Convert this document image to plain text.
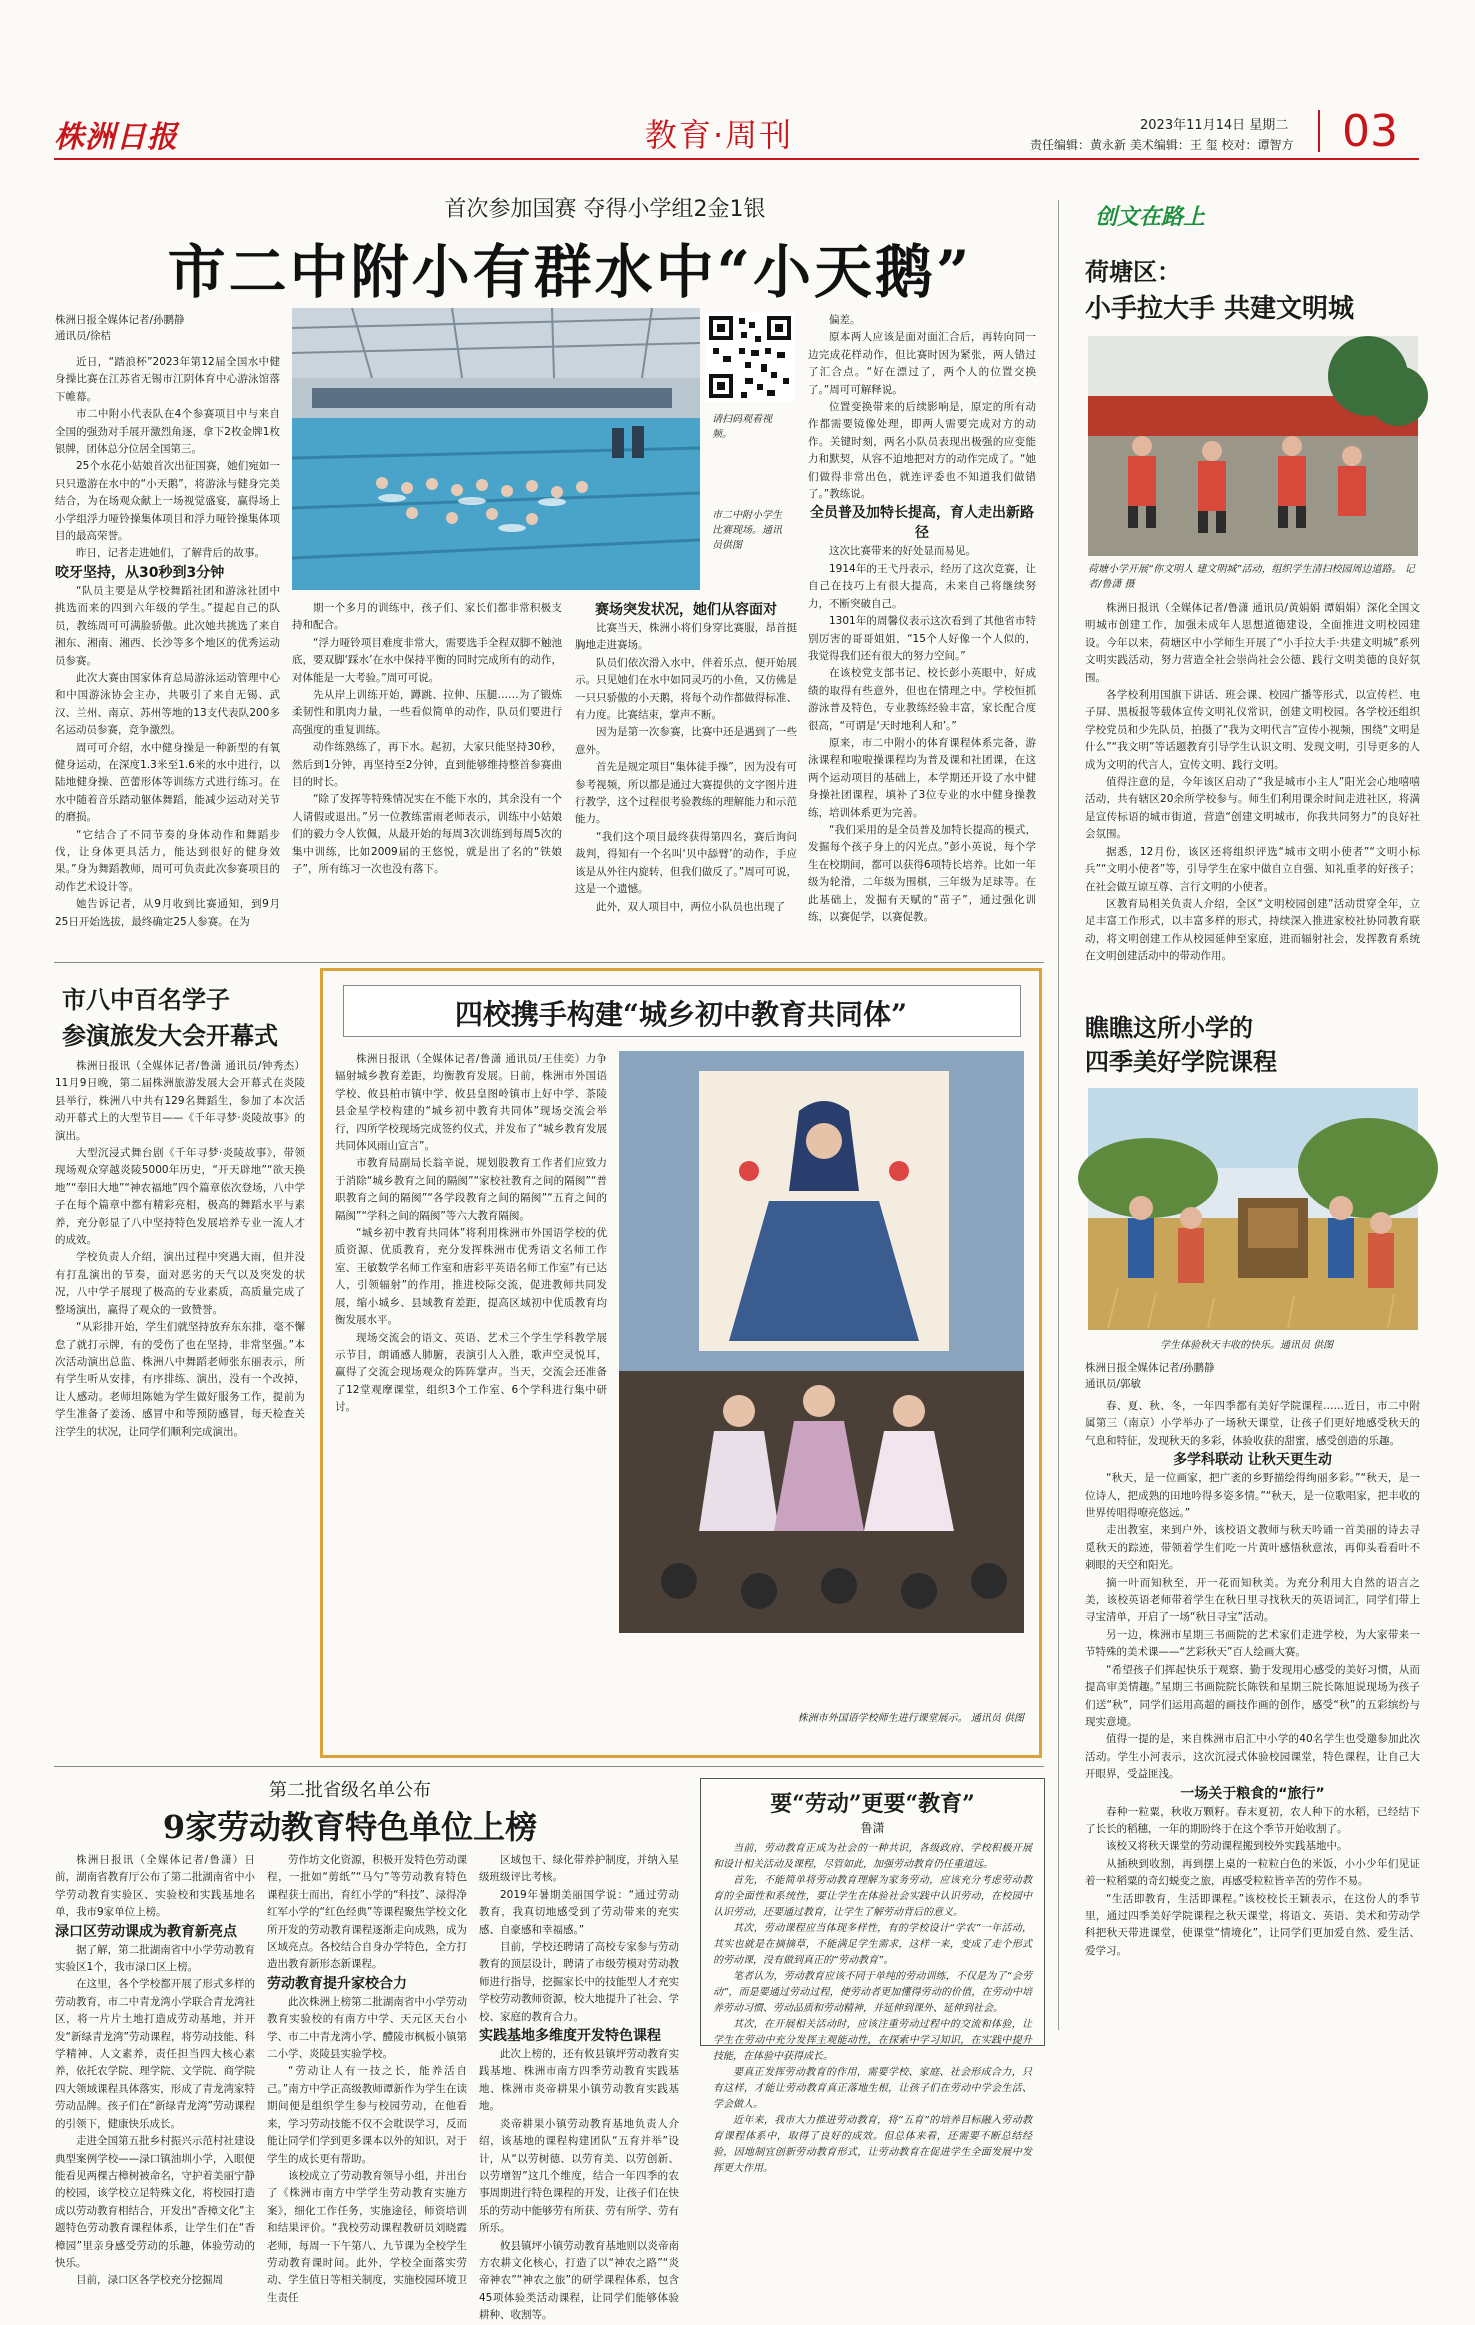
株洲日报	教育·周刊	2023年11月14日 星期二
责任编辑：黄永新 美术编辑：王 玺 校对：谭智方 03
首次参加国赛 夺得小学组2金1银
市二中附小有群水中“小天鹅”
株洲日报全媒体记者/孙鹏静
通讯员/徐桔

近日，“踏浪杯”2023年第12届全国水中健身操比赛在江苏省无锡市江阴体育中心游泳馆落下帷幕。

市二中附小代表队在4个参赛项目中与来自全国的强劲对手展开激烈角逐，拿下2枚金牌1枚银牌，团体总分位居全国第三。

25个水花小姑娘首次出征国赛，她们宛如一只只遨游在水中的“小天鹅”，将游泳与健身完美结合，为在场观众献上一场视觉盛宴，赢得场上小学组浮力哑铃操集体项目和浮力哑铃操集体项目的最高荣誉。

昨日，记者走进她们，了解背后的故事。

咬牙坚持，从30秒到3分钟

“队员主要是从学校舞蹈社团和游泳社团中挑选而来的四到六年级的学生。”提起自己的队员，教练周可可满脸骄傲。此次她共挑选了来自湘东、湘南、湘西、长沙等多个地区的优秀运动员参赛。

此次大赛由国家体育总局游泳运动管理中心和中国游泳协会主办，共吸引了来自无锡、武汉、兰州、南京、苏州等地的13支代表队200多名运动员参赛，竞争激烈。

周可可介绍，水中健身操是一种新型的有氧健身运动，在深度1.3米至1.6米的水中进行，以陆地健身操、芭蕾形体等训练方式进行练习。在水中随着音乐踏动躯体舞蹈，能减少运动对关节的磨损。

“它结合了不同节奏的身体动作和舞蹈步伐，让身体更具活力，能达到很好的健身效果。”身为舞蹈教师，周可可负责此次参赛项目的动作艺术设计等。

她告诉记者，从9月收到比赛通知，到9月25日开始选拔，最终确定25人参赛。在为

请扫码观看视频。
市二中附小学生比赛现场。通讯员供图

期一个多月的训练中，孩子们、家长们都非常积极支持和配合。

“浮力哑铃项目难度非常大，需要选手全程双脚不触池底，要双脚‘踩水’在水中保持平衡的同时完成所有的动作，对体能是一大考验。”周可可说。

先从岸上训练开始，蹲跳、拉伸、压腿……为了锻炼柔韧性和肌肉力量，一些看似简单的动作，队员们要进行高强度的重复训练。

动作练熟练了，再下水。起初，大家只能坚持30秒，然后到1分钟，再坚持至2分钟，直到能够维持整首参赛曲目的时长。

“除了发挥等特殊情况实在不能下水的，其余没有一个人请假或退出。”另一位教练雷雨老师表示，训练中小姑娘们的毅力令人钦佩，从最开始的每周3次训练到每周5次的集中训练，比如2009届的王悠悦，就是出了名的“铁娘子”，所有练习一次也没有落下。

赛场突发状况，她们从容面对

比赛当天，株洲小将们身穿比赛服，昂首挺胸地走进赛场。

队员们依次滑入水中，伴着乐点，便开始展示。只见她们在水中如同灵巧的小鱼，又仿佛是一只只骄傲的小天鹅，将每个动作都做得标准、有力度。比赛结束，掌声不断。

因为是第一次参赛，比赛中还是遇到了一些意外。

首先是规定项目“集体徒手操”，因为没有可参考视频，所以都是通过大赛提供的文字图片进行教学，这个过程很考验教练的理解能力和示范能力。

“我们这个项目最终获得第四名，赛后询问裁判，得知有一个名叫‘贝中舔臂’的动作，手应该是从外往内旋转，但我们做反了。”周可可说，这是一个遗憾。

此外，双人项目中，两位小队员也出现了

偏差。

原本两人应该是面对面汇合后，再转向同一边完成花样动作，但比赛时因为紧张，两人错过了汇合点。“好在漂过了，两个人的位置交换了。”周可可解释说。

位置变换带来的后续影响是，原定的所有动作都需要镜像处理，即两人需要完成对方的动作。关键时刻，两名小队员表现出极强的应变能力和默契，从容不迫地把对方的动作完成了。“她们做得非常出色，就连评委也不知道我们做错了。”教练说。

全员普及加特长提高，育人走出新路径

这次比赛带来的好处显而易见。

1914年的王弋丹表示，经历了这次竞赛，让自己在技巧上有很大提高，未来自己将继续努力，不断突破自己。

1301年的周馨仪表示这次看到了其他省市特别厉害的哥哥姐姐，“15个人好像一个人似的，我觉得我们还有很大的努力空间。”

在该校党支部书记、校长彭小英眼中，好成绩的取得有些意外，但也在情理之中。学校恒抓游泳普及特色，专业教练经验丰富，家长配合度很高，“可谓是‘天时地利人和’。”

原来，市二中附小的体育课程体系完备，游泳课程和啦啦操课程均为普及课和社团课，在这两个运动项目的基础上，本学期还开设了水中健身操社团课程，填补了3位专业的水中健身操教练，培训体系更为完善。

“我们采用的是全员普及加特长提高的模式，发掘每个孩子身上的闪光点。”彭小英说，每个学生在校期间，都可以获得6项特长培养。比如一年级为轮滑，二年级为围棋，三年级为足球等。在此基础上，发掘有天赋的“苗子”，通过强化训练，以赛促学，以赛促教。

创文在路上
荷塘区：
小手拉大手 共建文明城
荷塘小学开展“你文明人 建文明城”活动，组织学生清扫校园周边道路。 记者/鲁潇 摄

株洲日报讯（全媒体记者/鲁潇 通讯员/黄娟娟 谭娟娟）深化全国文明城市创建工作，加强未成年人思想道德建设，全面推进文明校园建设。今年以来，荷塘区中小学师生开展了“小手拉大手·共建文明城”系列文明实践活动，努力营造全社会崇尚社会公德、践行文明美德的良好氛围。

各学校利用国旗下讲话、班会课、校园广播等形式，以宣传栏、电子屏、黑板报等载体宣传文明礼仪常识，创建文明校园。各学校还组织学校党员和少先队员，拍摄了“我为文明代言”宣传小视频，围绕“文明是什么”“我文明”等话题教育引导学生认识文明、发现文明，引导更多的人成为文明的代言人，宣传文明、践行文明。

值得注意的是，今年该区启动了“我是城市小主人”阳光会心地嘻嘻活动，共有辖区20余所学校参与。师生们利用课余时间走进社区，将满是宣传标语的城市街道，营造“创建文明城市，你我共同努力”的良好社会氛围。

据悉，12月份，该区还将组织评选“城市文明小使者”“文明小标兵”“文明小使者”等，引导学生在家中做自立自强、知礼重孝的好孩子；在社会做互谅互尊、言行文明的小使者。

区教育局相关负责人介绍，全区“文明校园创建”活动贯穿全年，立足丰富工作形式，以丰富多样的形式，持续深入推进家校社协同教育联动，将文明创建工作从校园延伸至家庭，进而辐射社会，发挥教育系统在文明创建活动中的带动作用。

瞧瞧这所小学的
四季美好学院课程
学生体验秋天丰收的快乐。通讯员 供图
株洲日报全媒体记者/孙鹏静
通讯员/郭敏

春、夏、秋、冬，一年四季都有美好学院课程……近日，市二中附属第三（南京）小学举办了一场秋天课堂，让孩子们更好地感受秋天的气息和特征，发现秋天的多彩，体验收获的甜蜜，感受创造的乐趣。

多学科联动 让秋天更生动

“秋天，是一位画家，把广袤的乡野描绘得绚丽多彩。”“秋天，是一位诗人，把成熟的田地吟得多姿多情。”“秋天，是一位歌唱家，把丰收的世界传唱得嘹亮悠远。”

走出教室，来到户外，该校语文教师与秋天吟诵一首美丽的诗去寻觅秋天的踪迹，带领着学生们吃一片黄叶感悟秋意浓，再仰头看看叶不刺眼的天空和阳光。

摘一叶而知秋至，开一花而知秋美。为充分利用大自然的语言之美，该校英语老师带着学生在秋日里寻找秋天的英语词汇，同学们带上寻宝清单，开启了一场“秋日寻宝”活动。

另一边，株洲市星期三书画院的艺术家们走进学校，为大家带来一节特殊的美术课——“艺彩秋天”百人绘画大赛。

“希望孩子们挥起快乐于观察、勤于发现用心感受的美好习惯，从而提高审美情趣。”星期三书画院院长陈铁和星期三院长陈旭说现场为孩子们送“秋”，同学们运用高超的画技作画的创作，感受“秋”的五彩缤纷与现实意境。

值得一提的是，来自株洲市启汇中小学的40名学生也受邀参加此次活动。学生小河表示，这次沉浸式体验校园课堂，特色课程，让自己大开眼界，受益匪浅。

一场关于粮食的“旅行”

春种一粒粟，秋收万颗籽。春末夏初，农人种下的水稻，已经结下了长长的稻穗，一年的期盼终于在这个季节开始收割了。

该校又将秋天课堂的劳动课程搬到校外实践基地中。

从插秧到收割，再到摆上桌的一粒粒白色的米饭，小小少年们见证着一粒稻粟的奇幻蜕变之旅，再感受粒粒皆辛苦的劳作不易。

“生活即教育，生活即课程。”该校校长王颖表示，在这份人的季节里，通过四季美好学院课程之秋天课堂，将语文、英语、美术和劳动学科把秋天带进课堂，使课堂“情境化”，让同学们更加爱自然、爱生活、爱学习。

市八中百名学子
参演旅发大会开幕式

株洲日报讯（全媒体记者/鲁潇 通讯员/钟秀杰）11月9日晚，第二届株洲旅游发展大会开幕式在炎陵县举行，株洲八中共有129名舞蹈生，参加了本次活动开幕式上的大型节目——《千年寻梦·炎陵故事》的演出。

大型沉浸式舞台剧《千年寻梦·炎陵故事》，带领现场观众穿越炎陵5000年历史，“开天辟地”“欲天换地”“奉旧大地”“神农福地”四个篇章依次登场，八中学子在每个篇章中都有精彩亮相，极高的舞蹈水平与素养，充分彰显了八中坚持特色发展培养专业一流人才的成效。

学校负责人介绍，演出过程中突遇大雨，但并没有打乱演出的节奏，面对恶劣的天气以及突发的状况，八中学子展现了极高的专业素质，高质量完成了整场演出，赢得了观众的一致赞誉。

“从彩排开始，学生们就坚持放弃东东排，毫不懈怠了就打示牌，有的受伤了也在坚持，非常坚强。”本次活动演出总监、株洲八中舞蹈老师张东丽表示，所有学生听从安排，有序排练、演出，没有一个改掉，让人感动。老师坦陈她为学生做好服务工作，提前为学生准备了姜汤、感冒中和等预防感冒，每天检查关注学生的状况，让同学们顺利完成演出。

四校携手构建“城乡初中教育共同体”

株洲日报讯（全媒体记者/鲁潇 通讯员/王佳奕）力争辐射城乡教育差距，均衡教育发展。日前，株洲市外国语学校、攸县柏市镇中学、攸县皇图岭镇市上好中学、茶陵县金星学校构建的“城乡初中教育共同体”现场交流会举行，四所学校现场完成签约仪式，并发布了“城乡教育发展共同体风雨山宣言”。

市教育局副局长翁辛说，规划股教育工作者们应致力于消除“城乡教育之间的隔阂”“家校社教育之间的隔阂”“普职教育之间的隔阂”“各学段教育之间的隔阂”“五育之间的隔阂”“学科之间的隔阂”等六大教育隔阂。

“城乡初中教育共同体”将利用株洲市外国语学校的优质资源、优质教育，充分发挥株洲市优秀语文名师工作室、王敏数学名师工作室和唐彩平英语名师工作室”有已达人，引领辐射”的作用，推进校际交流，促进教师共同发展，缩小城乡、县域教育差距，提高区域初中优质教育均衡发展水平。

现场交流会的语文、英语、艺术三个学生学科教学展示节目，朗诵感人肺腑，表演引人入胜，歌声空灵悦耳，赢得了交流会现场观众的阵阵掌声。当天，交流会还准备了12堂观摩课堂，组织3个工作室、6个学科进行集中研讨。

株洲市外国语学校师生进行课堂展示。 通讯员 供图
第二批省级名单公布
9家劳动教育特色单位上榜

株洲日报讯（全媒体记者/鲁潇）日前，湖南省教育厅公布了第二批湖南省中小学劳动教育实验区、实验校和实践基地名单，我市9家单位上榜。

渌口区劳动课成为教育新亮点

据了解，第二批湖南省中小学劳动教育实验区1个，我市渌口区上榜。

在这里，各个学校都开展了形式多样的劳动教育，市二中青龙湾小学联合青龙湾社区，将一片片土地打造成劳动基地，并开发“新绿青龙湾”劳动课程，将劳动技能、科学精神、人文素养，责任担当四大核心素养，依托农学院、理学院、文学院、商学院四大领域课程具体落实，形成了青龙湾家特劳动品牌。孩子们在“新绿青龙湾”劳动课程的引领下，健康快乐成长。

走进全国第五批乡村振兴示范村社建设典型案例学校——渌口镇油圳小学，入眼便能看见两棵古樟树被命名，守护着美丽宁静的校园，该学校立足特殊文化，将校园打造成以劳动教育相结合，开发出“香樟文化”主题特色劳动教育课程体系，让学生们在“香樟园”里亲身感受劳动的乐趣，体验劳动的快乐。

目前，渌口区各学校充分挖掘周

劳作坊文化资源，积极开发特色劳动课程，一批如“剪纸”“马勺”等劳动教育特色课程获士而出，育红小学的“科技”、渌得净红军小学的“红色经典”等课程聚焦学校文化所开发的劳动教育课程逐渐走向成熟，成为区域亮点。各校结合自身办学特色，全方打造出教育新形态新课程。

劳动教育提升家校合力

此次株洲上榜第二批湖南省中小学劳动教育实验校的有南方中学、天元区天台小学、市二中青龙湾小学、醴陵市枫板小镇第二小学、炎陵县实验学校。

“劳动让人有一技之长，能养活自己。”南方中学正高级教师谭新作为学生在读期间便是组织学生参与校园劳动，在他看来，学习劳动技能不仅不会耽误学习，反而能让同学们学到更多课本以外的知识，对于学生的成长更有帮助。

该校成立了劳动教育领导小组，并出台了《株洲市南方中学学生劳动教育实施方案》，细化工作任务，实施途径，师资培训和结果评价。“我校劳动课程教研员刘晓霞老师，每周一下午第八、九节课为全校学生劳动教育课时间。此外，学校全面落实劳动、学生值日等相关制度，实施校园环境卫生责任

区域包干、绿化带养护制度，并纳入星级班级评比考核。

2019年暑期美丽国学说：“通过劳动教育，我真切地感受到了劳动带来的充实感、自豪感和幸福感。”

目前，学校还聘请了高校专家参与劳动教育的顶层设计，聘请了市级劳模对劳动教师进行指导，挖掘家长中的技能型人才充实学校劳动教师资源，校大地提升了社会、学校、家庭的教育合力。

实践基地多维度开发特色课程

此次上榜的，还有攸县镇坪劳动教育实践基地、株洲市南方四季劳动教育实践基地、株洲市炎帝耕果小镇劳动教育实践基地。

炎帝耕果小镇劳动教育基地负责人介绍，该基地的课程构建团队“五育并举”设计，从“以劳树德、以劳育美、以劳创新、以劳增智”这几个维度，结合一年四季的农事周期进行特色课程的开发，让孩子们在快乐的劳动中能够劳有所获、劳有所学、劳有所乐。

攸县镇坪小镇劳动教育基地则以炎帝南方农耕文化核心，打造了以“神农之路”“炎帝神农”“神农之旅”的研学课程体系，包含45项体验类活动课程，让同学们能够体验耕种、收割等。

要“劳动”更要“教育”
鲁潇

当前，劳动教育正成为社会的一种共识，各级政府、学校积极开展和设计相关活动及课程，尽管如此，加强劳动教育仍任重道远。

首先，不能简单将劳动教育理解为家务劳动，应该充分考虑劳动教育的全面性和系统性，要让学生在体验社会实践中认识劳动，在校园中认识劳动，还要通过教育，让学生了解劳动背后的意义。

其次，劳动课程应当体现多样性，有的学校设计“学农”一年活动，其实也就是在摘摘草，不能满足学生需求，这样一来，变成了走个形式的劳动课，没有做到真正的“劳动教育”。

笔者认为，劳动教育应该不同于单纯的劳动训练，不仅是为了“会劳动”，而是要通过劳动过程，使劳动者更加懂得劳动的价值，在劳动中培养劳动习惯、劳动品质和劳动精神，并延伸到课外、延伸到社会。

其次，在开展相关活动时，应该注重劳动过程中的交流和体验，让学生在劳动中充分发挥主观能动性，在探索中学习知识，在实践中提升技能，在体验中获得成长。

要真正发挥劳动教育的作用，需要学校、家庭、社会形成合力，只有这样，才能让劳动教育真正落地生根，让孩子们在劳动中学会生活、学会做人。

近年来，我市大力推进劳动教育，将“五育”的培养目标融入劳动教育课程体系中，取得了良好的成效。但总体来看，还需要不断总结经验，因地制宜创新劳动教育形式，让劳动教育在促进学生全面发展中发挥更大作用。
